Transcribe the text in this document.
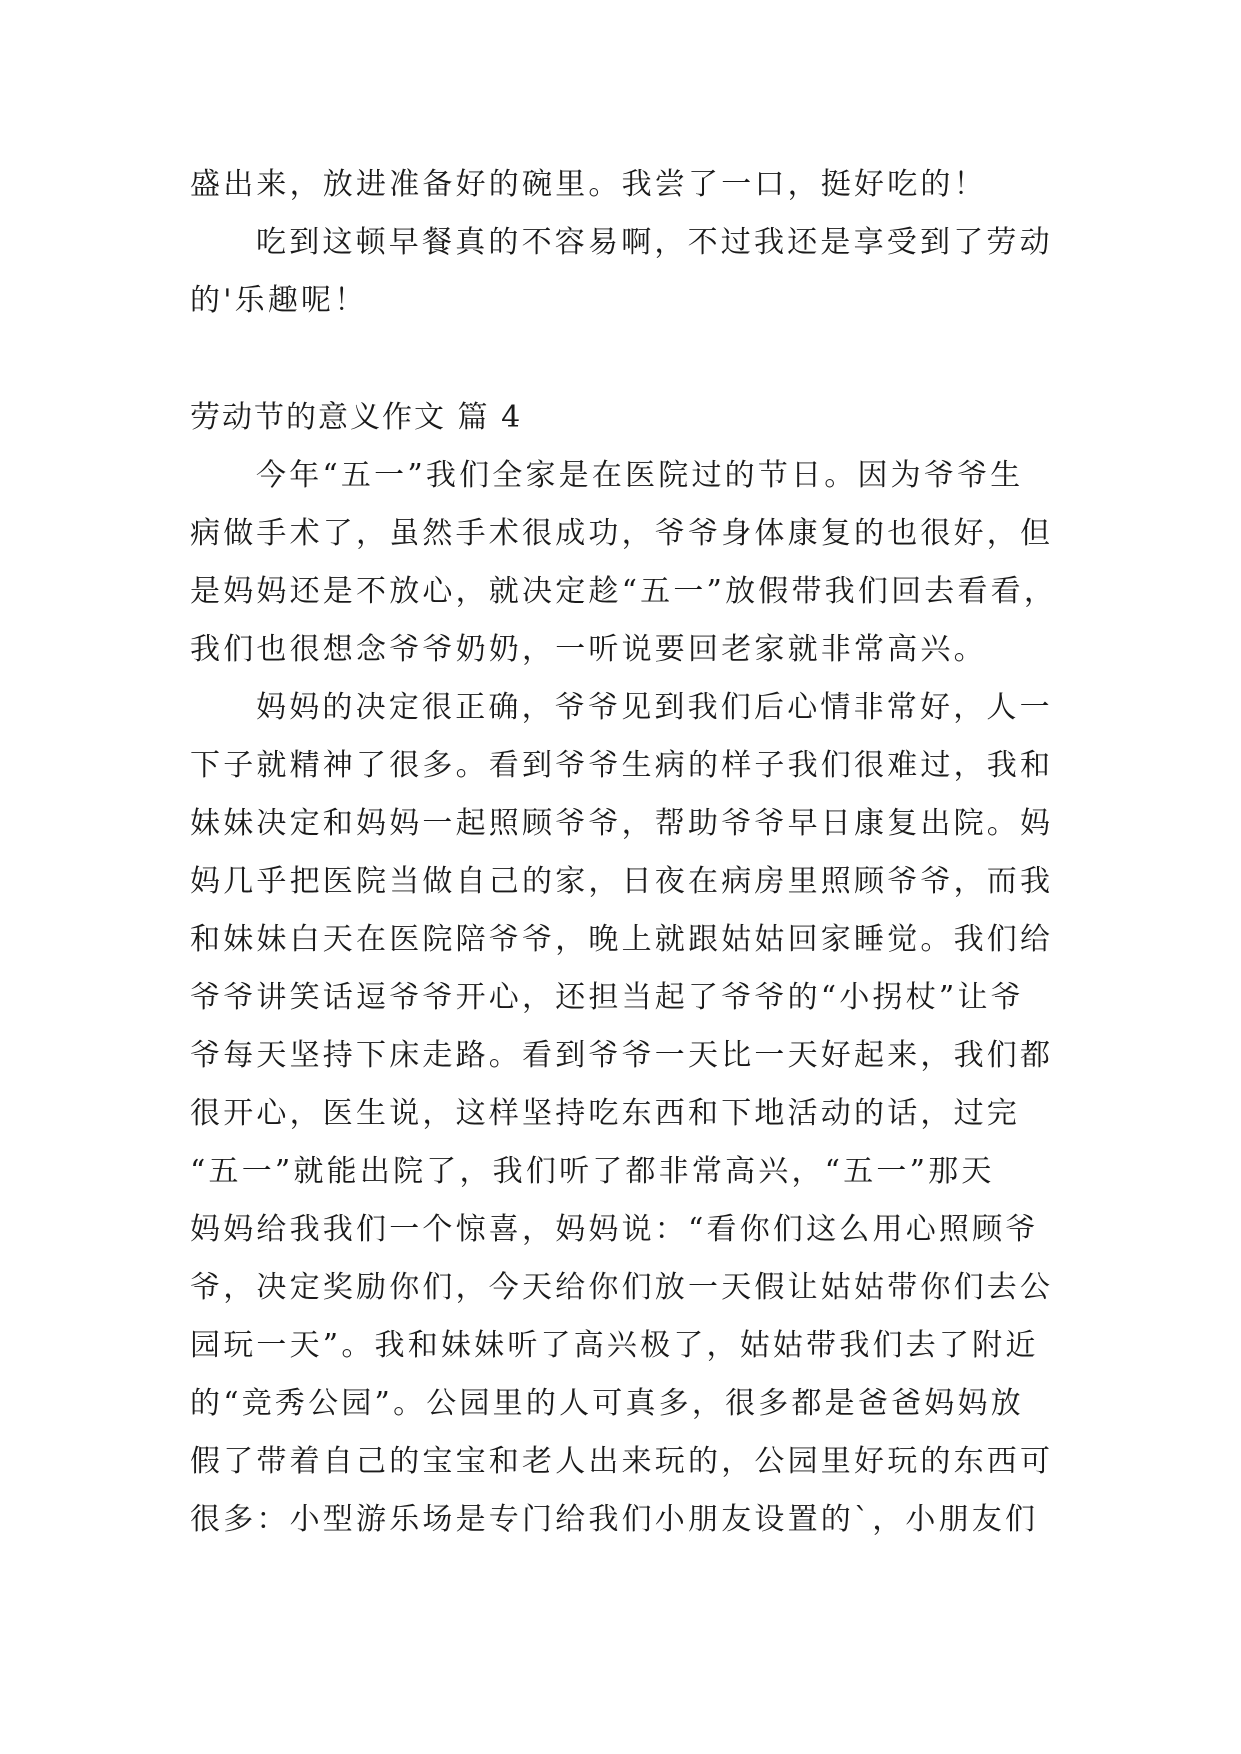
盛出来，放进准备好的碗里。我尝了一口，挺好吃的！
吃到这顿早餐真的不容易啊，不过我还是享受到了劳动
的'乐趣呢！
劳动节的意义作文 篇 4
今年“五一”我们全家是在医院过的节日。因为爷爷生
病做手术了，虽然手术很成功，爷爷身体康复的也很好，但
是妈妈还是不放心，就决定趁“五一”放假带我们回去看看，
我们也很想念爷爷奶奶，一听说要回老家就非常高兴。
妈妈的决定很正确，爷爷见到我们后心情非常好，人一
下子就精神了很多。看到爷爷生病的样子我们很难过，我和
妹妹决定和妈妈一起照顾爷爷，帮助爷爷早日康复出院。妈
妈几乎把医院当做自己的家，日夜在病房里照顾爷爷，而我
和妹妹白天在医院陪爷爷，晚上就跟姑姑回家睡觉。我们给
爷爷讲笑话逗爷爷开心，还担当起了爷爷的“小拐杖”让爷
爷每天坚持下床走路。看到爷爷一天比一天好起来，我们都
很开心，医生说，这样坚持吃东西和下地活动的话，过完
“五一”就能出院了，我们听了都非常高兴，“五一”那天
妈妈给我我们一个惊喜，妈妈说：“看你们这么用心照顾爷
爷，决定奖励你们，今天给你们放一天假让姑姑带你们去公
园玩一天”。我和妹妹听了高兴极了，姑姑带我们去了附近
的“竞秀公园”。公园里的人可真多，很多都是爸爸妈妈放
假了带着自己的宝宝和老人出来玩的，公园里好玩的东西可
很多：小型游乐场是专门给我们小朋友设置的`，小朋友们
